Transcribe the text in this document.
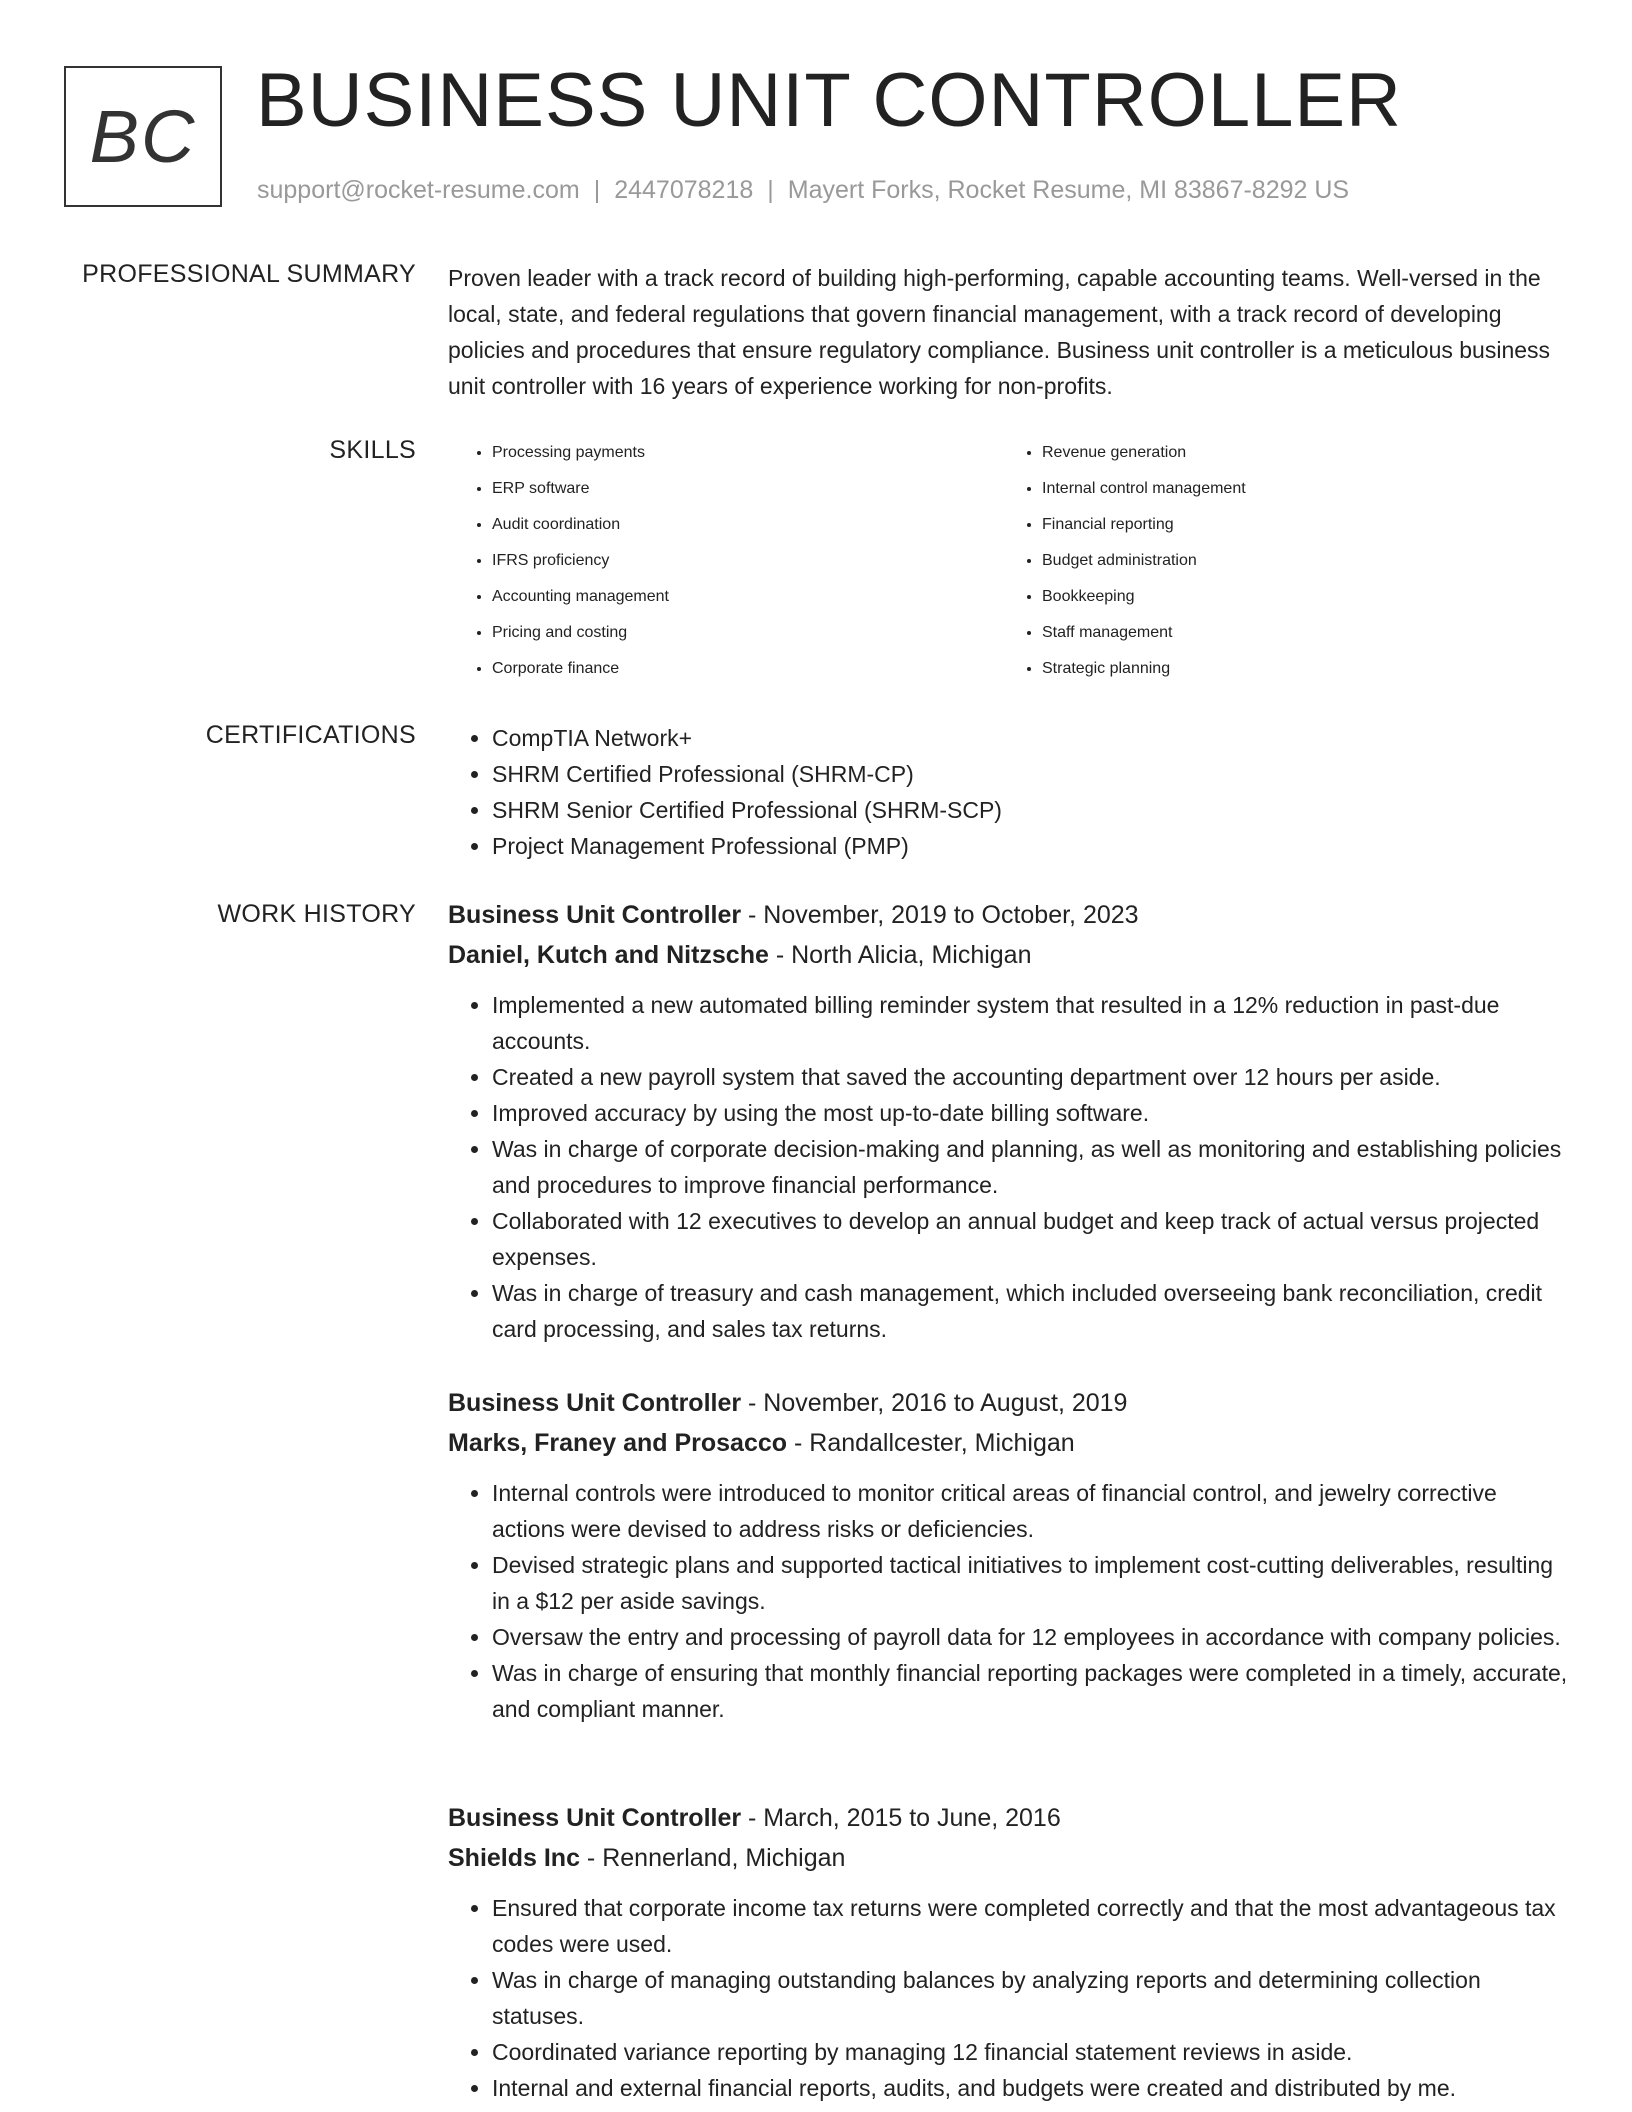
BC BUSINESS UNIT CONTROLLER
support@rocket-resume.com | 2447078218 | Mayert Forks, Rocket Resume, MI 83867-8292 US
PROFESSIONAL SUMMARY Proven leader with a track record of building high-performing, capable accounting teams. Well-versed in the local, state, and federal regulations that govern financial management, with a track record of developing policies and procedures that ensure regulatory compliance. Business unit controller is a meticulous business unit controller with 16 years of experience working for non-profits.
SKILLS	• Processing payments
• ERP software
• Audit coordination
• IFRS proficiency
• Accounting management
• Pricing and costing
• Corporate finance
• Revenue generation
• Internal control management
• Financial reporting
• Budget administration
• Bookkeeping
• Staff management
• Strategic planning
CERTIFICATIONS	• CompTIA Network+
• SHRM Certified Professional (SHRM-CP)
• SHRM Senior Certified Professional (SHRM-SCP)
• Project Management Professional (PMP)
WORK HISTORY Business Unit Controller - November, 2019 to October, 2023
Daniel, Kutch and Nitzsche - North Alicia, Michigan
• Implemented a new automated billing reminder system that resulted in a 12% reduction in past-due accounts.
• Created a new payroll system that saved the accounting department over 12 hours per aside.
• Improved accuracy by using the most up-to-date billing software.
• Was in charge of corporate decision-making and planning, as well as monitoring and establishing policies and procedures to improve financial performance.
• Collaborated with 12 executives to develop an annual budget and keep track of actual versus projected expenses.
• Was in charge of treasury and cash management, which included overseeing bank reconciliation, credit card processing, and sales tax returns.
Business Unit Controller - November, 2016 to August, 2019
Marks, Franey and Prosacco - Randallcester, Michigan
• Internal controls were introduced to monitor critical areas of financial control, and jewelry corrective actions were devised to address risks or deficiencies.
• Devised strategic plans and supported tactical initiatives to implement cost-cutting deliverables, resulting in a $12 per aside savings.
• Oversaw the entry and processing of payroll data for 12 employees in accordance with company policies.
• Was in charge of ensuring that monthly financial reporting packages were completed in a timely, accurate, and compliant manner.
Business Unit Controller - March, 2015 to June, 2016
Shields Inc - Rennerland, Michigan
• Ensured that corporate income tax returns were completed correctly and that the most advantageous tax codes were used.
• Was in charge of managing outstanding balances by analyzing reports and determining collection statuses.
• Coordinated variance reporting by managing 12 financial statement reviews in aside.
• Internal and external financial reports, audits, and budgets were created and distributed by me.
